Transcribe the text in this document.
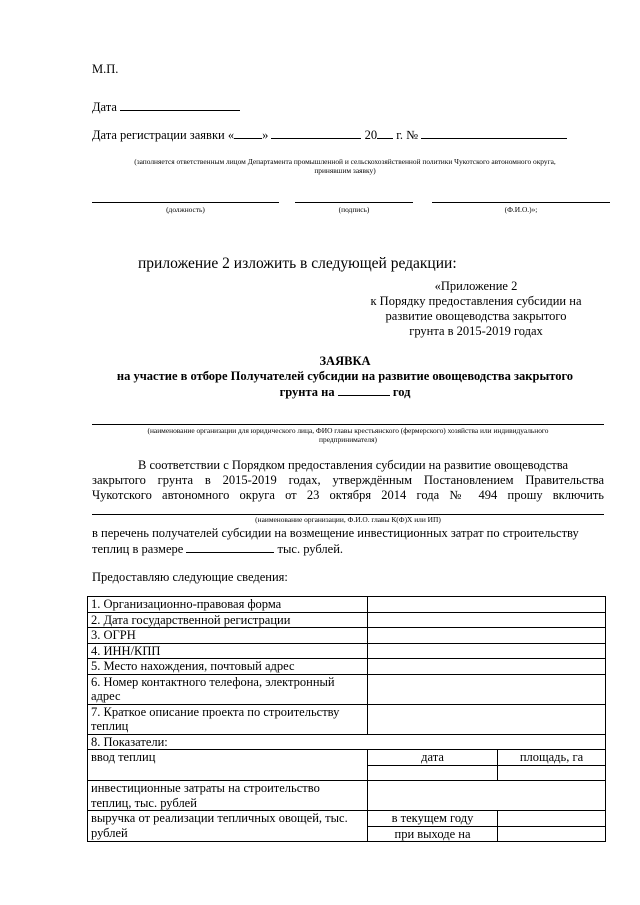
М.П.
Дата
Дата регистрации заявки « »	20 г. №
(заполняется ответственным лицом Департамента промышленной и сельскохозяйственной политики Чукотского автономного округа,
принявшим заявку)
(должность)	(подпись)	(Ф.И.О.)»;
приложение 2 изложить в следующей редакции:
«Приложение 2
к Порядку предоставления субсидии на
развитие овощеводства закрытого
грунта в 2015-2019 годах
ЗАЯВКА
на участие в отборе Получателей субсидии на развитие овощеводства закрытого
грунта на	год
(наименование организации для юридического лица, ФИО главы крестьянского (фермерского) хозяйства или индивидуального
предпринимателя)
В соответствии с Порядком предоставления субсидии на развитие овощеводства
закрытого грунта в 2015-2019 годах, утверждённым Постановлением Правительства
Чукотского автономного округа от 23 октября 2014 года № 494 прошу включить
(наименование организации, Ф.И.О. главы К(Ф)Х или ИП)
в перечень получателей субсидии на возмещение инвестиционных затрат по строительству
теплиц в размере	тыс. рублей.
Предоставляю следующие сведения:
1. Организационно-правовая форма		
2. Дата государственной регистрации		
3. ОГРН		
4. ИНН/КПП		
5. Место нахождения, почтовый адрес		
6. Номер контактного телефона, электронный
адрес		
7. Краткое описание проекта по строительству
теплиц		
8. Показатели:		
ввод теплиц	дата	площадь, га

инвестиционные затраты на строительство
теплиц, тыс. рублей		
выручка от реализации тепличных овощей, тыс.
рублей	в текущем году	
	при выходе на	
